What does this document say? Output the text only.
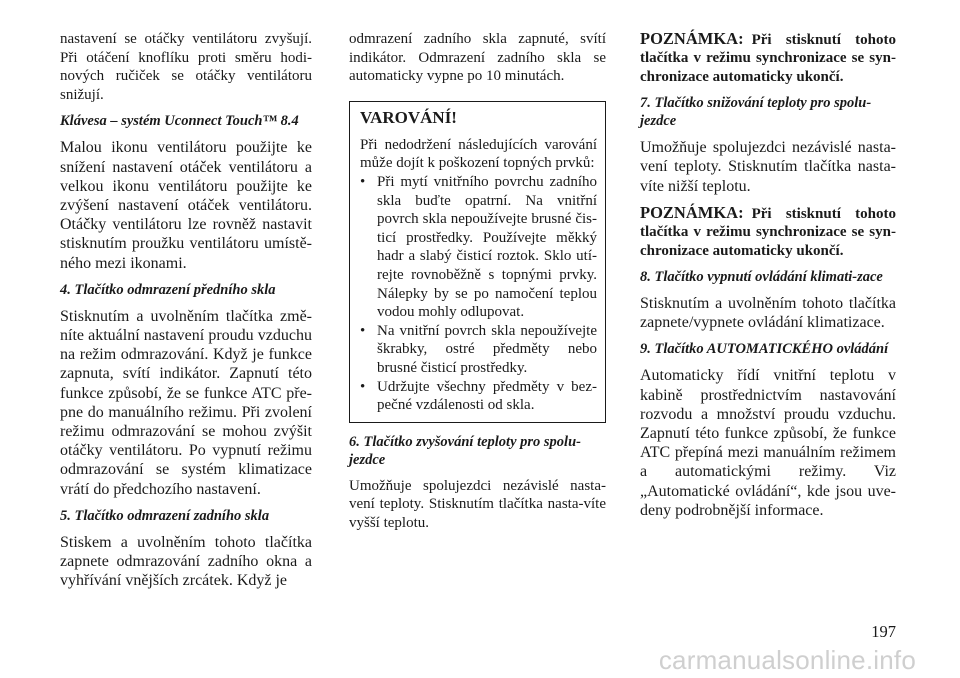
nastavení se otáčky ventilátoru zvyšují. Při otáčení knoflíku proti směru hodi-nových ručiček se otáčky ventilátoru snižují.

Klávesa – systém Uconnect Touch™ 8.4

Malou ikonu ventilátoru použijte ke snížení nastavení otáček ventilátoru a velkou ikonu ventilátoru použijte ke zvýšení nastavení otáček ventilátoru. Otáčky ventilátoru lze rovněž nastavit stisknutím proužku ventilátoru umístě-ného mezi ikonami.

4. Tlačítko odmrazení předního skla

Stisknutím a uvolněním tlačítka změ-níte aktuální nastavení proudu vzduchu na režim odmrazování. Když je funkce zapnuta, svítí indikátor. Zapnutí této funkce způsobí, že se funkce ATC pře-pne do manuálního režimu. Při zvolení režimu odmrazování se mohou zvýšit otáčky ventilátoru. Po vypnutí režimu odmrazování se systém klimatizace vrátí do předchozího nastavení.

5. Tlačítko odmrazení zadního skla

Stiskem a uvolněním tohoto tlačítka zapnete odmrazování zadního okna a vyhřívání vnějších zrcátek. Když je

odmrazení zadního skla zapnuté, svítí indikátor. Odmrazení zadního skla se automaticky vypne po 10 minutách.

VAROVÁNÍ!

Při nedodržení následujících varování může dojít k poškození topných prvků:

• Při mytí vnitřního povrchu zadního skla buďte opatrní. Na vnitřní povrch skla nepoužívejte brusné čis-ticí prostředky. Používejte měkký hadr a slabý čisticí roztok. Sklo utí-rejte rovnoběžně s topnými prvky. Nálepky by se po namočení teplou vodou mohly odlupovat.
• Na vnitřní povrch skla nepoužívejte škrabky, ostré předměty nebo brusné čisticí prostředky.
• Udržujte všechny předměty v bez-pečné vzdálenosti od skla.

6. Tlačítko zvyšování teploty pro spolu-jezdce

Umožňuje spolujezdci nezávislé nasta-vení teploty. Stisknutím tlačítka nasta-víte vyšší teplotu.

POZNÁMKA: Při stisknutí tohoto tlačítka v režimu synchronizace se syn-chronizace automaticky ukončí.

7. Tlačítko snižování teploty pro spolu-jezdce

Umožňuje spolujezdci nezávislé nasta-vení teploty. Stisknutím tlačítka nasta-víte nižší teplotu.

POZNÁMKA: Při stisknutí tohoto tlačítka v režimu synchronizace se syn-chronizace automaticky ukončí.

8. Tlačítko vypnutí ovládání klimati-zace

Stisknutím a uvolněním tohoto tlačítka zapnete/vypnete ovládání klimatizace.

9. Tlačítko AUTOMATICKÉHO ovládání

Automaticky řídí vnitřní teplotu v kabině prostřednictvím nastavování rozvodu a množství proudu vzduchu. Zapnutí této funkce způsobí, že funkce ATC přepíná mezi manuálním režimem a automatickými režimy. Viz „Automatické ovládání“, kde jsou uve-deny podrobnější informace.

197
carmanualsonline.info
